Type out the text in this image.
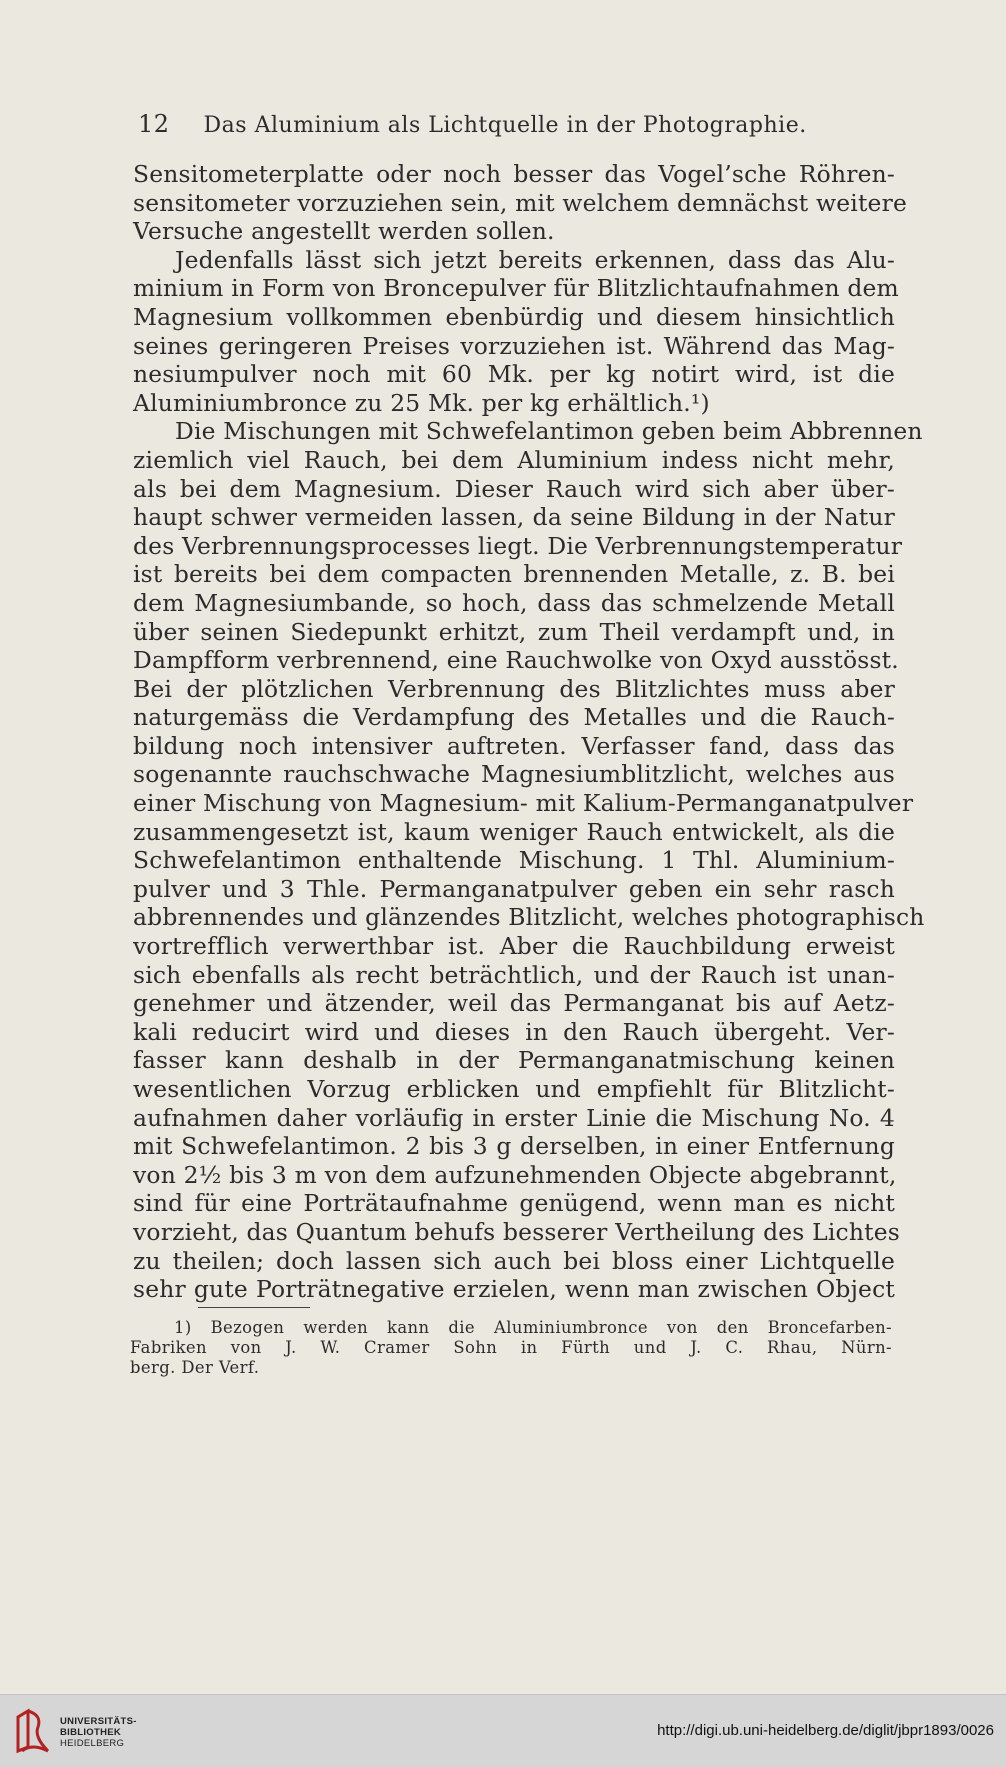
12 Das Aluminium als Lichtquelle in der Photographie.
Sensitometerplatte oder noch besser das Vogel’sche Röhren-
sensitometer vorzuziehen sein, mit welchem demnächst weitere
Versuche angestellt werden sollen.
Jedenfalls lässt sich jetzt bereits erkennen, dass das Alu-
minium in Form von Broncepulver für Blitzlichtaufnahmen dem
Magnesium vollkommen ebenbürdig und diesem hinsichtlich
seines geringeren Preises vorzuziehen ist. Während das Mag-
nesiumpulver noch mit 60 Mk. per kg notirt wird, ist die
Aluminiumbronce zu 25 Mk. per kg erhältlich.¹)
Die Mischungen mit Schwefelantimon geben beim Abbrennen
ziemlich viel Rauch, bei dem Aluminium indess nicht mehr,
als bei dem Magnesium. Dieser Rauch wird sich aber über-
haupt schwer vermeiden lassen, da seine Bildung in der Natur
des Verbrennungsprocesses liegt. Die Verbrennungstemperatur
ist bereits bei dem compacten brennenden Metalle, z. B. bei
dem Magnesiumbande, so hoch, dass das schmelzende Metall
über seinen Siedepunkt erhitzt, zum Theil verdampft und, in
Dampfform verbrennend, eine Rauchwolke von Oxyd ausstösst.
Bei der plötzlichen Verbrennung des Blitzlichtes muss aber
naturgemäss die Verdampfung des Metalles und die Rauch-
bildung noch intensiver auftreten. Verfasser fand, dass das
sogenannte rauchschwache Magnesiumblitzlicht, welches aus
einer Mischung von Magnesium- mit Kalium-Permanganatpulver
zusammengesetzt ist, kaum weniger Rauch entwickelt, als die
Schwefelantimon enthaltende Mischung. 1 Thl. Aluminium-
pulver und 3 Thle. Permanganatpulver geben ein sehr rasch
abbrennendes und glänzendes Blitzlicht, welches photographisch
vortrefflich verwerthbar ist. Aber die Rauchbildung erweist
sich ebenfalls als recht beträchtlich, und der Rauch ist unan-
genehmer und ätzender, weil das Permanganat bis auf Aetz-
kali reducirt wird und dieses in den Rauch übergeht. Ver-
fasser kann deshalb in der Permanganatmischung keinen
wesentlichen Vorzug erblicken und empfiehlt für Blitzlicht-
aufnahmen daher vorläufig in erster Linie die Mischung No. 4
mit Schwefelantimon. 2 bis 3 g derselben, in einer Entfernung
von 2½ bis 3 m von dem aufzunehmenden Objecte abgebrannt,
sind für eine Porträtaufnahme genügend, wenn man es nicht
vorzieht, das Quantum behufs besserer Vertheilung des Lichtes
zu theilen; doch lassen sich auch bei bloss einer Lichtquelle
sehr gute Porträtnegative erzielen, wenn man zwischen Object
1) Bezogen werden kann die Aluminiumbronce von den Broncefarben-
Fabriken von J. W. Cramer Sohn in Fürth und J. C. Rhau, Nürn-
berg. Der Verf.
UNIVERSITÄTS-
BIBLIOTHEK
HEIDELBERG
http://digi.ub.uni-heidelberg.de/diglit/jbpr1893/0026
